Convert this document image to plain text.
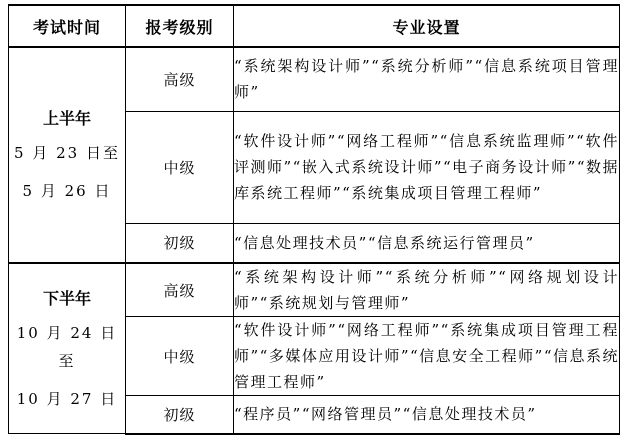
考试时间	报考级别	专业设置

上半年
5 月 23 日至
5 月 26 日	高级	“系统架构设计师”“系统分析师”“信息系统项目管理师”
	中级	“软件设计师”“网络工程师”“信息系统监理师”“软件评测师”“嵌入式系统设计师”“电子商务设计师”“数据库系统工程师”“系统集成项目管理工程师”
	初级	“信息处理技术员”“信息系统运行管理员”

下半年
10 月 24 日至
10 月 27 日	高级	“系统架构设计师”“系统分析师”“网络规划设计师”“系统规划与管理师”
	中级	“软件设计师”“网络工程师”“系统集成项目管理工程师”“多媒体应用设计师”“信息安全工程师”“信息系统管理工程师”
	初级	“程序员”“网络管理员”“信息处理技术员”
